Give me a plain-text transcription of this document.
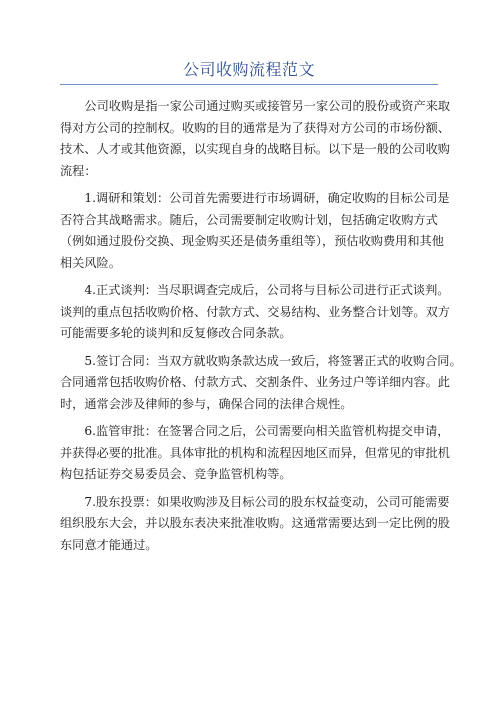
公司收购流程范文

公司收购是指一家公司通过购买或接管另一家公司的股份或资产来取
得对方公司的控制权。收购的目的通常是为了获得对方公司的市场份额、
技术、人才或其他资源，以实现自身的战略目标。以下是一般的公司收购
流程：

1.调研和策划：公司首先需要进行市场调研，确定收购的目标公司是
否符合其战略需求。随后，公司需要制定收购计划，包括确定收购方式
（例如通过股份交换、现金购买还是债务重组等），预估收购费用和其他
相关风险。

4.正式谈判：当尽职调查完成后，公司将与目标公司进行正式谈判。
谈判的重点包括收购价格、付款方式、交易结构、业务整合计划等。双方
可能需要多轮的谈判和反复修改合同条款。

5.签订合同：当双方就收购条款达成一致后，将签署正式的收购合同。
合同通常包括收购价格、付款方式、交割条件、业务过户等详细内容。此
时，通常会涉及律师的参与，确保合同的法律合规性。

6.监管审批：在签署合同之后，公司需要向相关监管机构提交申请，
并获得必要的批准。具体审批的机构和流程因地区而异，但常见的审批机
构包括证券交易委员会、竞争监管机构等。

7.股东投票：如果收购涉及目标公司的股东权益变动，公司可能需要
组织股东大会，并以股东表决来批准收购。这通常需要达到一定比例的股
东同意才能通过。
